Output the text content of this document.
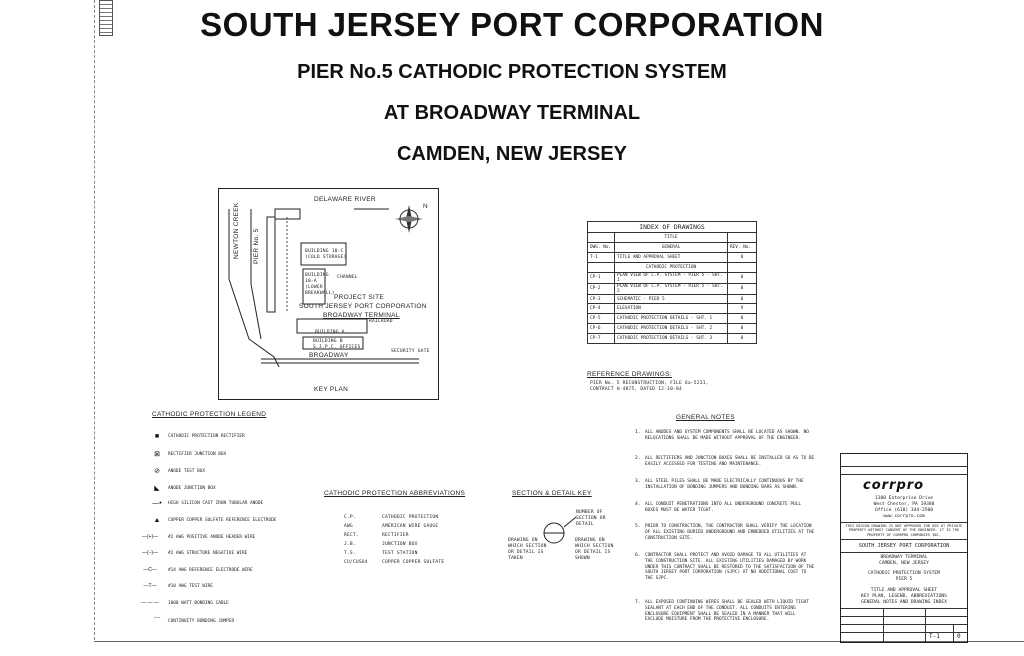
SOUTH JERSEY PORT CORPORATION
PIER No.5 CATHODIC PROTECTION SYSTEM
AT BROADWAY TERMINAL
CAMDEN, NEW JERSEY
DELAWARE RIVER
NEWTON CREEK PIER No. 5	BUILDING 10-C (COLD STORAGE)
BUILDING 10-A (LOWER BREAKWALL)
CHANNEL
PROJECT SITE
SOUTH JERSEY PORT CORPORATION
BROADWAY TERMINAL
BUILDING A
BUILDING B S.J.P.C. OFFICES
RAILROAD
BROADWAY
SECURITY GATE
N
KEY PLAN
INDEX OF DRAWINGS		
	TITLE	
DWG. No.	GENERAL	REV. No.
T-1	TITLE AND APPROVAL SHEET	0
	CATHODIC PROTECTION	
CP-1	PLAN VIEW OF C.P. SYSTEM - PIER 5 - SHT. 1	0
CP-2	PLAN VIEW OF C.P. SYSTEM - PIER 5 - SHT. 2	0
CP-3	SCHEMATIC - PIER 5	0
CP-4	ELEVATION	V
CP-5	CATHODIC PROTECTION DETAILS - SHT. 1	0
CP-6	CATHODIC PROTECTION DETAILS - SHT. 2	0
CP-7	CATHODIC PROTECTION DETAILS - SHT. 3	0
REFERENCE DRAWINGS:
PIER No. 5 RECONSTRUCTION, FILE 6a-5231,
CONTRACT H-4875, DATED 12-10-84
CATHODIC PROTECTION LEGEND
■	CATHODIC PROTECTION RECTIFIER
⊠	RECTIFIER JUNCTION BOX
⊘	ANODE TEST BOX
◣	ANODE JUNCTION BOX
—•	HIGH SILICON CAST IRON TUBULAR ANODE
▲	COPPER COPPER SULFATE REFERENCE ELECTRODE
—(+)—	#2 AWG POSITIVE ANODE HEADER WIRE
—(–)—	#2 AWG STRUCTURE NEGATIVE WIRE
—C—	#14 AWG REFERENCE ELECTRODE WIRE
—T—	#10 AWG TEST WIRE
— — —	1000 WATT BONDING CABLE
⌒	CONTINUITY BONDING JUMPER
CATHODIC PROTECTION ABBREVIATIONS
C.P.	CATHODIC PROTECTION
AWG	AMERICAN WIRE GAUGE
RECT.	RECTIFIER
J.B.	JUNCTION BOX
T.S.	TEST STATION
CU/CUSO4	COPPER COPPER SULFATE
SECTION & DETAIL KEY
NUMBER OF SECTION OR DETAIL
DRAWING ON WHICH SECTION OR DETAIL IS TAKEN
DRAWING ON WHICH SECTION OR DETAIL IS SHOWN
GENERAL NOTES
1. ALL ANODES AND SYSTEM COMPONENTS SHALL BE LOCATED AS SHOWN. NO RELOCATIONS SHALL BE MADE WITHOUT APPROVAL OF THE ENGINEER.
2. ALL RECTIFIERS AND JUNCTION BOXES SHALL BE INSTALLED SO AS TO BE EASILY ACCESSED FOR TESTING AND MAINTENANCE.
3. ALL STEEL PILES SHALL BE MADE ELECTRICALLY CONTINUOUS BY THE INSTALLATION OF BONDING JUMPERS AND BONDING BARS AS SHOWN.
4. ALL CONDUIT PENETRATIONS INTO ALL UNDERGROUND CONCRETE PULL BOXES MUST BE WATER TIGHT.
5. PRIOR TO CONSTRUCTION, THE CONTRACTOR SHALL VERIFY THE LOCATION OF ALL EXISTING BURIED UNDERGROUND AND EMBEDDED UTILITIES AT THE CONSTRUCTION SITE.
6. CONTRACTOR SHALL PROTECT AND AVOID DAMAGE TO ALL UTILITIES AT THE CONSTRUCTION SITE. ALL EXISTING UTILITIES DAMAGED BY WORK UNDER THIS CONTRACT SHALL BE RESTORED TO THE SATISFACTION OF THE SOUTH JERSEY PORT CORPORATION (SJPC) AT NO ADDITIONAL COST TO THE SJPC.
7. ALL EXPOSED CONTINUING WIRES SHALL BE SEALED WITH LIQUID TIGHT SEALANT AT EACH END OF THE CONDUIT. ALL CONDUITS ENTERING ENCLOSURE EQUIPMENT SHALL BE SEALED IN A MANNER THAT WILL EXCLUDE MOISTURE FROM THE PROTECTIVE ENCLOSURE.
corrpro
1300 Enterprise Drive
West Chester, PA 19380
Office (610) 344-2500
www.corrpro.com
THIS DESIGN DRAWING IS NOT APPROVED FOR USE AT PRIVATE PROPERTY WITHOUT CONSENT OF THE ENGINEER. IT IS THE PROPERTY OF CORRPRO COMPANIES INC.
SOUTH JERSEY PORT CORPORATION
BROADWAY TERMINAL
CAMDEN, NEW JERSEY
CATHODIC PROTECTION SYSTEM
PIER 5
TITLE AND APPROVAL SHEET
KEY PLAN, LEGEND, ABBREVIATIONS
GENERAL NOTES AND DRAWING INDEX
T-1	0
